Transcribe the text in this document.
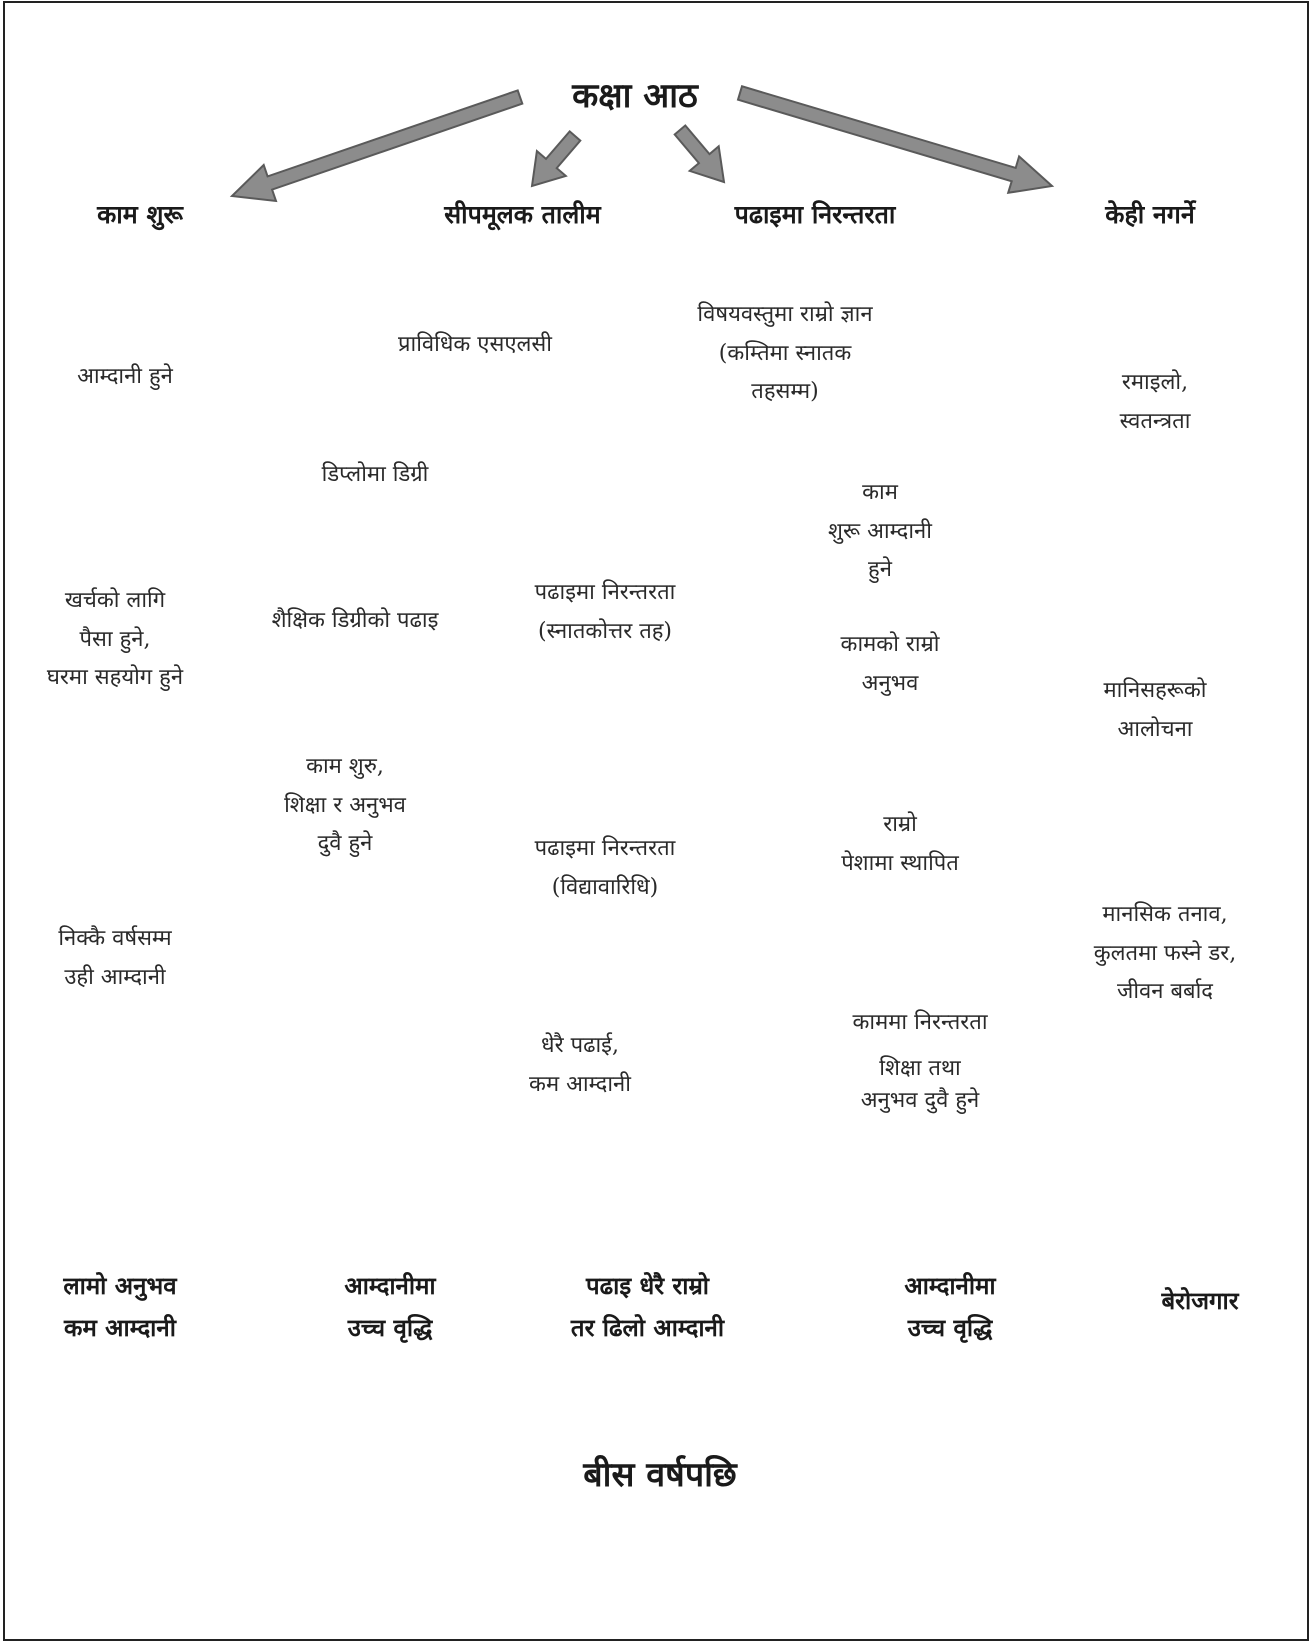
कक्षा आठ
काम शुरू	सीपमूलक तालीम	पढाइमा निरन्तरता	केही नगर्ने
आम्दानी हुने
खर्चको लागि
पैसा हुने,
घरमा सहयोग हुने
निक्कै वर्षसम्म
उही आम्दानी
प्राविधिक एसएलसी
डिप्लोमा डिग्री
शैक्षिक डिग्रीको पढाइ
काम शुरु,
शिक्षा र अनुभव
दुवै हुने
पढाइमा निरन्तरता
(स्नातकोत्तर तह)
पढाइमा निरन्तरता
(विद्यावारिधि)
धेरै पढाई,
कम आम्दानी
विषयवस्तुमा राम्रो ज्ञान
(कम्तिमा स्नातक
तहसम्म)
काम
शुरू आम्दानी
हुने
कामको राम्रो
अनुभव
राम्रो
पेशामा स्थापित
काममा निरन्तरता
शिक्षा तथा
अनुभव दुवै हुने
रमाइलो,
स्वतन्त्रता
मानिसहरूको
आलोचना
मानसिक तनाव,
कुलतमा फस्ने डर,
जीवन बर्बाद
लामो अनुभव
कम आम्दानी
आम्दानीमा
उच्च वृद्धि
पढाइ धेरै राम्रो
तर ढिलो आम्दानी
आम्दानीमा
उच्च वृद्धि
बेरोजगार
बीस वर्षपछि
